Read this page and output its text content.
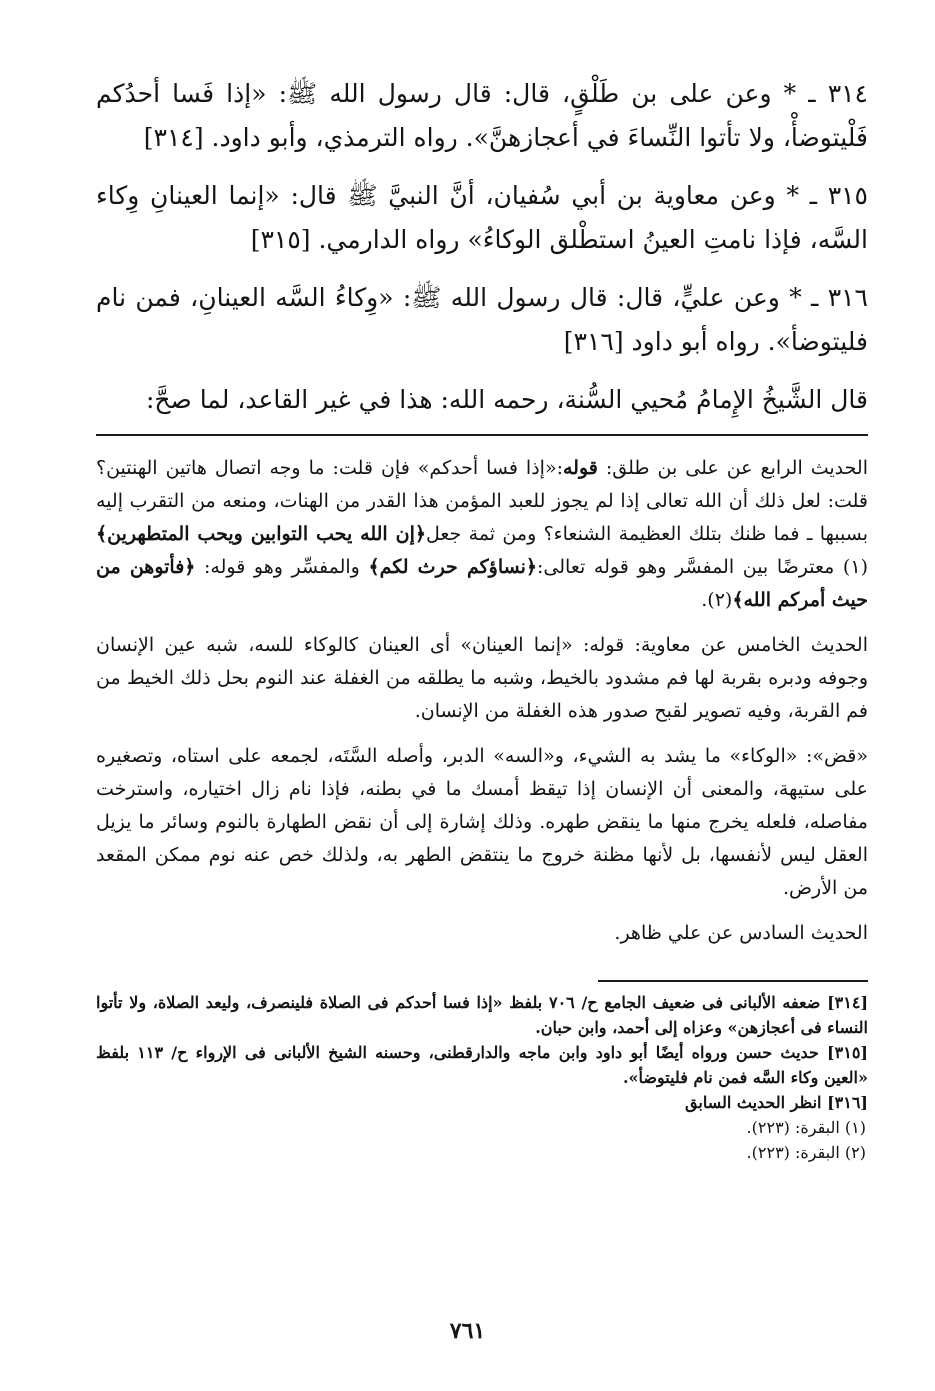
٣١٤ ـ * وعن على بن طَلْقٍ، قال: قال رسول الله ﷺ: «إذا فَسا أحدُكم فَلْيتوضأْ، ولا تأتوا النِّساءَ في أعجازهنَّ». رواه الترمذي، وأبو داود. [٣١٤]

٣١٥ ـ * وعن معاوية بن أبي سُفيان، أنَّ النبيَّ ﷺ قال: «إنما العينانِ وِكاء السَّه، فإذا نامتِ العينُ استطْلق الوكاءُ» رواه الدارمي. [٣١٥]

٣١٦ ـ * وعن عليٍّ، قال: قال رسول الله ﷺ: «وِكاءُ السَّه العينانِ، فمن نام فليتوضأ». رواه أبو داود [٣١٦]

قال الشَّيخُ الإِمامُ مُحيي السُّنة، رحمه الله: هذا في غير القاعد، لما صحَّ:

الحديث الرابع عن على بن طلق: قوله:«إذا فسا أحدكم» فإن قلت: ما وجه اتصال هاتين الهنتين؟ قلت: لعل ذلك أن الله تعالى إذا لم يجوز للعبد المؤمن هذا القدر من الهنات، ومنعه من التقرب إليه بسببها ـ فما ظنك بتلك العظيمة الشنعاء؟ ومن ثمة جعل﴿إن الله يحب التوابين ويحب المتطهرين﴾(١) معترضًا بين المفسَّر وهو قوله تعالى:﴿نساؤكم حرث لكم﴾ والمفسِّر وهو قوله: ﴿فأتوهن من حيث أمركم الله﴾(٢).

الحديث الخامس عن معاوية: قوله: «إنما العينان» أى العينان كالوكاء للسه، شبه عين الإنسان وجوفه ودبره بقربة لها فم مشدود بالخيط، وشبه ما يطلقه من الغفلة عند النوم بحل ذلك الخيط من فم القربة، وفيه تصوير لقبح صدور هذه الغفلة من الإنسان.

«قض»: «الوكاء» ما يشد به الشيء، و«السه» الدبر، وأصله السَّتَه، لجمعه على استاه، وتصغيره على ستيهة، والمعنى أن الإنسان إذا تيقظ أمسك ما في بطنه، فإذا نام زال اختياره، واسترخت مفاصله، فلعله يخرج منها ما ينقض طهره. وذلك إشارة إلى أن نقض الطهارة بالنوم وسائر ما يزيل العقل ليس لأنفسها، بل لأنها مظنة خروج ما ينتقض الطهر به، ولذلك خص عنه نوم ممكن المقعد من الأرض.

الحديث السادس عن علي ظاهر.

[٣١٤] ضعفه الألبانى فى ضعيف الجامع ح/ ٧٠٦ بلفظ «إذا فسا أحدكم فى الصلاة فلينصرف، وليعد الصلاة، ولا تأتوا النساء فى أعجازهن» وعزاه إلى أحمد، وابن حبان.

[٣١٥] حديث حسن ورواه أيضًا أبو داود وابن ماجه والدارقطنى، وحسنه الشيخ الألبانى فى الإرواء ح/ ١١٣ بلفظ «العين وكاء السَّه فمن نام فليتوضأ».

[٣١٦] انظر الحديث السابق

(١) البقرة: (٢٢٣).

(٢) البقرة: (٢٢٣).

٧٦١
